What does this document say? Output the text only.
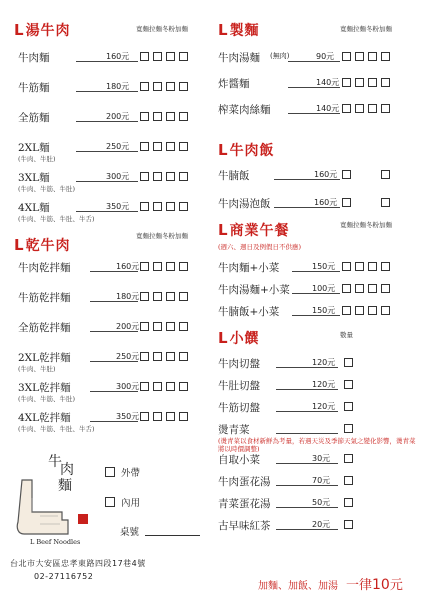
L湯牛肉	寬麵 拉麵 冬粉 加麵
牛肉麵	160元
牛筋麵	180元
全筋麵	200元
2XL麵	250元
(牛肉、牛肚)
3XL麵	300元
(牛肉、牛筋、牛肚)
4XL麵	350元
(牛肉、牛筋、牛肚、牛舌)
L乾牛肉
寬麵 拉麵 冬粉 加麵
牛肉乾拌麵	160元
牛筋乾拌麵	180元
全筋乾拌麵	200元
2XL乾拌麵	250元
(牛肉、牛肚)
3XL乾拌麵	300元
(牛肉、牛筋、牛肚)
4XL乾拌麵	350元
(牛肉、牛筋、牛肚、牛舌)
牛
肉
麵
L Beef Noodles
外帶
內用
桌號
台北市大安區忠孝東路四段17巷4號
02-27116752
L製麵	寬麵 拉麵 冬粉 加麵
牛肉湯麵 (無肉)	90元
炸醬麵	140元
榨菜肉絲麵	140元
L牛肉飯
牛腩飯	160元
牛肉湯泡飯	160元
L商業午餐	寬麵 拉麵 冬粉 加麵
(週六、週日及例假日不供應)
牛肉麵+小菜	150元
牛肉湯麵+小菜	100元
牛腩飯+小菜	150元
L小饌	數量
牛肉切盤	120元
牛肚切盤	120元
牛筋切盤	120元
燙青菜
自取小菜	30元
牛肉蛋花湯	70元
青菜蛋花湯	50元
古早味紅茶	20元
(燙青菜以食材新鮮為考量，若遇天災及季節天氣之變化影響，燙青菜將以時價調整)
加麵、加飯、加湯 一律10元
